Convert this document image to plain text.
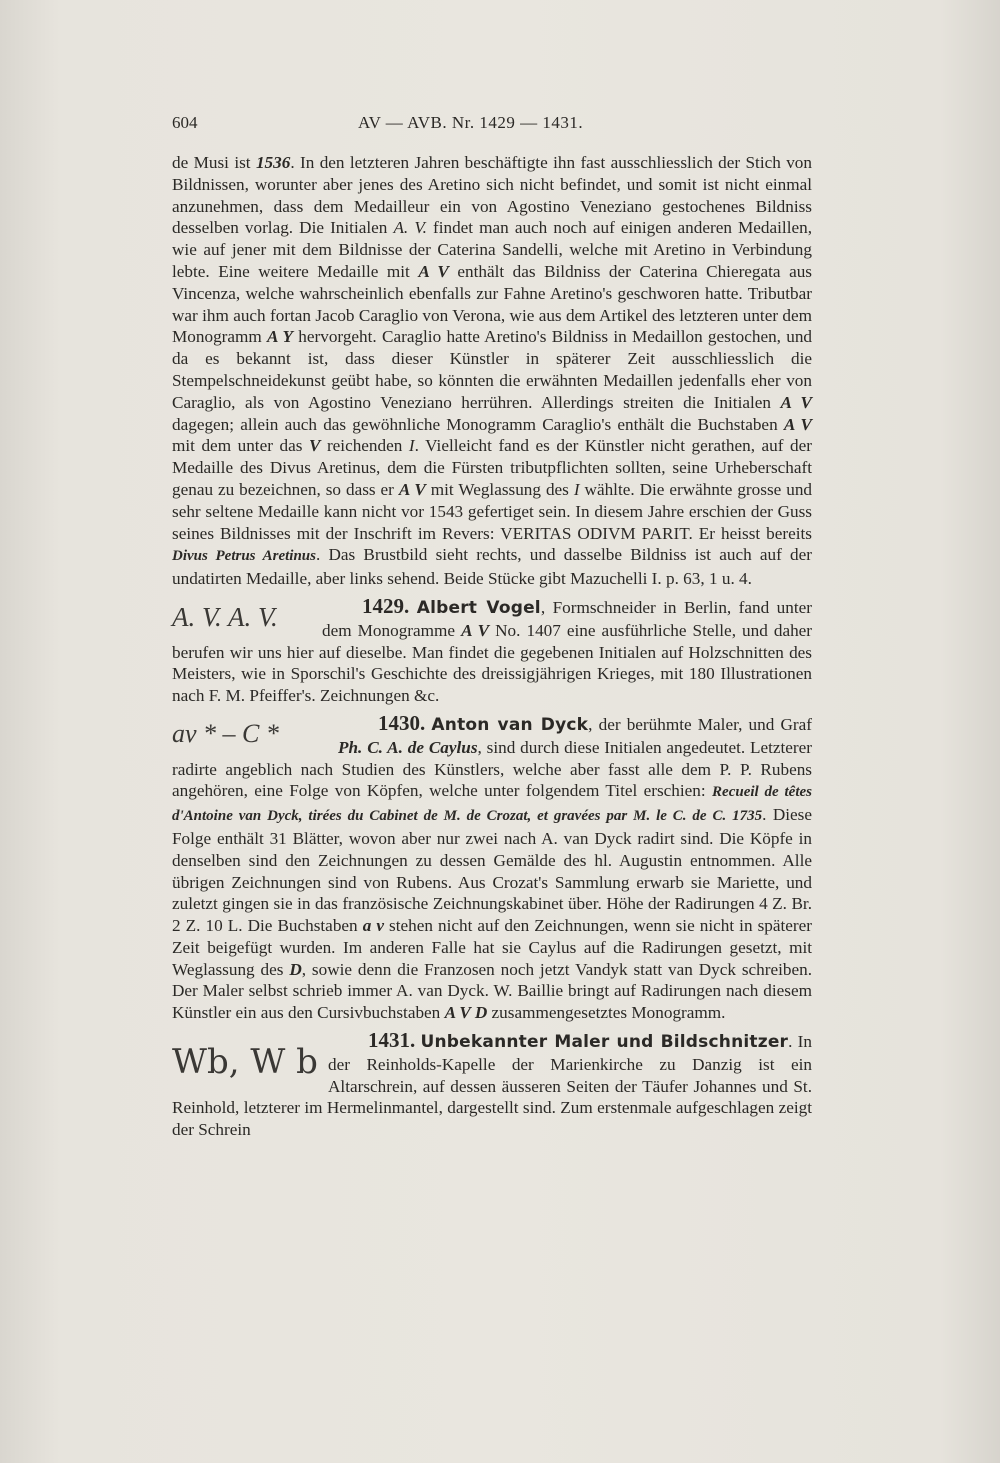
604	AV — AVB. Nr. 1429 — 1431.

de Musi ist 1536. In den letzteren Jahren beschäftigte ihn fast ausschliesslich der Stich von Bildnissen, worunter aber jenes des Aretino sich nicht befindet, und somit ist nicht einmal anzunehmen, dass dem Medailleur ein von Agostino Veneziano gestochenes Bildniss desselben vorlag. Die Initialen A. V. findet man auch noch auf einigen anderen Medaillen, wie auf jener mit dem Bildnisse der Caterina Sandelli, welche mit Aretino in Verbindung lebte. Eine weitere Medaille mit A V enthält das Bildniss der Caterina Chieregata aus Vincenza, welche wahrscheinlich ebenfalls zur Fahne Aretino's geschworen hatte. Tributbar war ihm auch fortan Jacob Caraglio von Verona, wie aus dem Artikel des letzteren unter dem Monogramm A Y hervorgeht. Caraglio hatte Aretino's Bildniss in Medaillon gestochen, und da es bekannt ist, dass dieser Künstler in späterer Zeit ausschliesslich die Stempelschneidekunst geübt habe, so könnten die erwähnten Medaillen jedenfalls eher von Caraglio, als von Agostino Veneziano herrühren. Allerdings streiten die Initialen A V dagegen; allein auch das gewöhnliche Monogramm Caraglio's enthält die Buchstaben A V mit dem unter das V reichenden I. Vielleicht fand es der Künstler nicht gerathen, auf der Medaille des Divus Aretinus, dem die Fürsten tributpflichten sollten, seine Urheberschaft genau zu bezeichnen, so dass er A V mit Weglassung des I wählte. Die erwähnte grosse und sehr seltene Medaille kann nicht vor 1543 gefertiget sein. In diesem Jahre erschien der Guss seines Bildnisses mit der Inschrift im Revers: VERITAS ODIVM PARIT. Er heisst bereits Divus Petrus Aretinus. Das Brustbild sieht rechts, und dasselbe Bildniss ist auch auf der undatirten Medaille, aber links sehend. Beide Stücke gibt Mazuchelli I. p. 63, 1 u. 4.

1429. Albert Vogel
A. V. A. V.	, Formschneider in Berlin, fand unter dem Monogramme A V No. 1407 eine ausführliche Stelle, und daher berufen wir uns hier auf dieselbe. Man findet die gegebenen Initialen auf Holzschnitten des Meisters, wie in Sporschil's Geschichte des dreissigjährigen Krieges, mit 180 Illustrationen nach F. M. Pfeiffer's. Zeichnungen &c.

1430. Anton van Dyck
av * – C *	, der berühmte Maler, und Graf Ph. C. A. de Caylus, sind durch diese Initialen angedeutet. Letzterer radirte angeblich nach Studien des Künstlers, welche aber fasst alle dem P. P. Rubens angehören, eine Folge von Köpfen, welche unter folgendem Titel erschien: Recueil de têtes d'Antoine van Dyck, tirées du Cabinet de M. de Crozat, et gravées par M. le C. de C. 1735. Diese Folge enthält 31 Blätter, wovon aber nur zwei nach A. van Dyck radirt sind. Die Köpfe in denselben sind den Zeichnungen zu dessen Gemälde des hl. Augustin entnommen. Alle übrigen Zeichnungen sind von Rubens. Aus Crozat's Sammlung erwarb sie Mariette, und zuletzt gingen sie in das französische Zeichnungskabinet über. Höhe der Radirungen 4 Z. Br. 2 Z. 10 L. Die Buchstaben a v stehen nicht auf den Zeichnungen, wenn sie nicht in späterer Zeit beigefügt wurden. Im anderen Falle hat sie Caylus auf die Radirungen gesetzt, mit Weglassung des D, sowie denn die Franzosen noch jetzt Vandyk statt van Dyck schreiben. Der Maler selbst schrieb immer A. van Dyck. W. Baillie bringt auf Radirungen nach diesem Künstler ein aus den Cursivbuchstaben A V D zusammengesetztes Monogramm.

1431. Unbekannter Maler und Bildschnitzer
Wb, W b
. In der Reinholds-Kapelle der Marienkirche zu Danzig ist ein Altarschrein, auf dessen äusseren Seiten der Täufer Johannes und St. Reinhold, letzterer im Hermelinmantel, dargestellt sind. Zum erstenmale aufgeschlagen zeigt der Schrein
